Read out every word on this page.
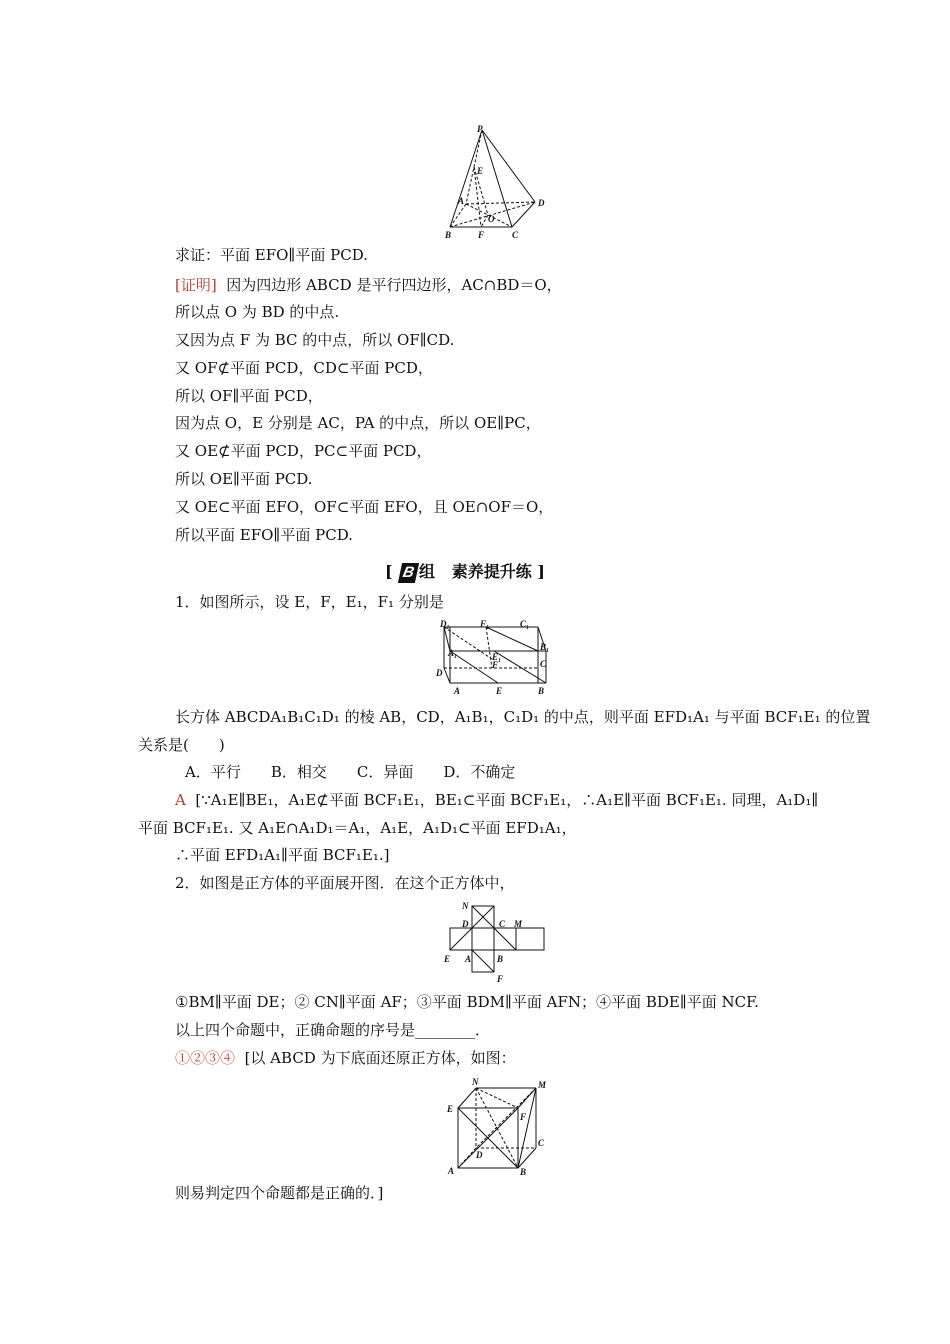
P
E
A
O
D
B	F	C
求证：平面 EFO∥平面 PCD.
[证明] 因为四边形 ABCD 是平行四边形，AC∩BD＝O，
所以点 O 为 BD 的中点.
又因为点 F 为 BC 的中点，所以 OF∥CD.
又 OF⊄平面 PCD，CD⊂平面 PCD，
所以 OF∥平面 PCD，
因为点 O，E 分别是 AC，PA 的中点，所以 OE∥PC，
又 OE⊄平面 PCD，PC⊂平面 PCD，
所以 OE∥平面 PCD.
又 OE⊂平面 EFO，OF⊂平面 EFO，且 OE∩OF＝O，
所以平面 EFO∥平面 PCD.
[ B 组 素养提升练 ]
1．如图所示，设 E，F，E₁，F₁ 分别是
D₁	F₁	C₁
B₁
A₁	E₁
F	C
D
A	E	B
长方体 ABCDA₁B₁C₁D₁ 的棱 AB，CD，A₁B₁，C₁D₁ 的中点，则平面 EFD₁A₁ 与平面 BCF₁E₁ 的位置
关系是(　　)
A．平行　　B．相交　　C．异面　　D．不确定
A [∵A₁E∥BE₁，A₁E⊄平面 BCF₁E₁，BE₁⊂平面 BCF₁E₁，∴A₁E∥平面 BCF₁E₁. 同理，A₁D₁∥
平面 BCF₁E₁. 又 A₁E∩A₁D₁＝A₁，A₁E，A₁D₁⊂平面 EFD₁A₁，
∴平面 EFD₁A₁∥平面 BCF₁E₁.]
2．如图是正方体的平面展开图．在这个正方体中，
N
D	C M
E A	B
F
①BM∥平面 DE；② CN∥平面 AF；③平面 BDM∥平面 AFN；④平面 BDE∥平面 NCF.
以上四个命题中，正确命题的序号是________．
①②③④ [以 ABCD 为下底面还原正方体，如图：
N	M
E
F
C
D
A	B
则易判定四个命题都是正确的．]
